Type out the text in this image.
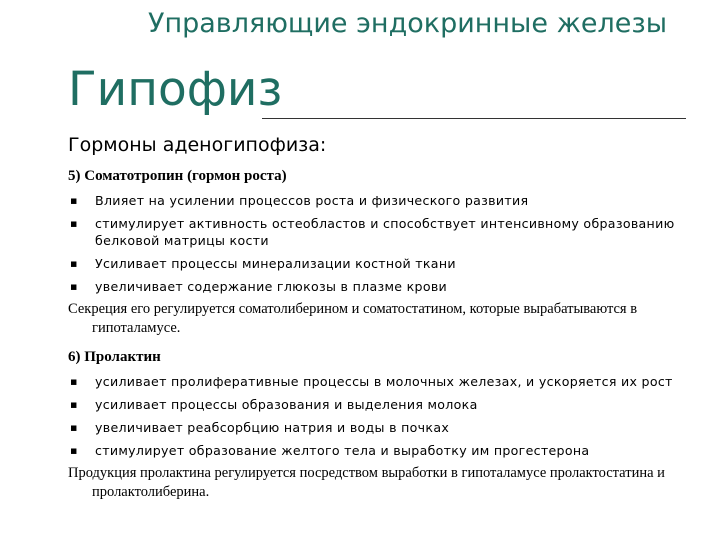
Управляющие эндокринные железы
Гипофиз
Гормоны аденогипофиза:
5) Соматотропин (гормон роста)
▪ Влияет на усилении процессов роста и физического развития
▪ стимулирует активность остеобластов и способствует интенсивному образованию белковой матрицы кости
▪ Усиливает процессы минерализации костной ткани
▪ увеличивает содержание глюкозы в плазме крови
Секреция его регулируется соматолиберином и соматостатином, которые вырабатываются в гипоталамусе.
6) Пролактин
▪ усиливает пролиферативные процессы в молочных железах, и ускоряется их рост
▪ усиливает процессы образования и выделения молока
▪ увеличивает реабсорбцию натрия и воды в почках
▪ стимулирует образование желтого тела и выработку им прогестерона
Продукция пролактина регулируется посредством выработки в гипоталамусе пролактостатина и пролактолиберина.
